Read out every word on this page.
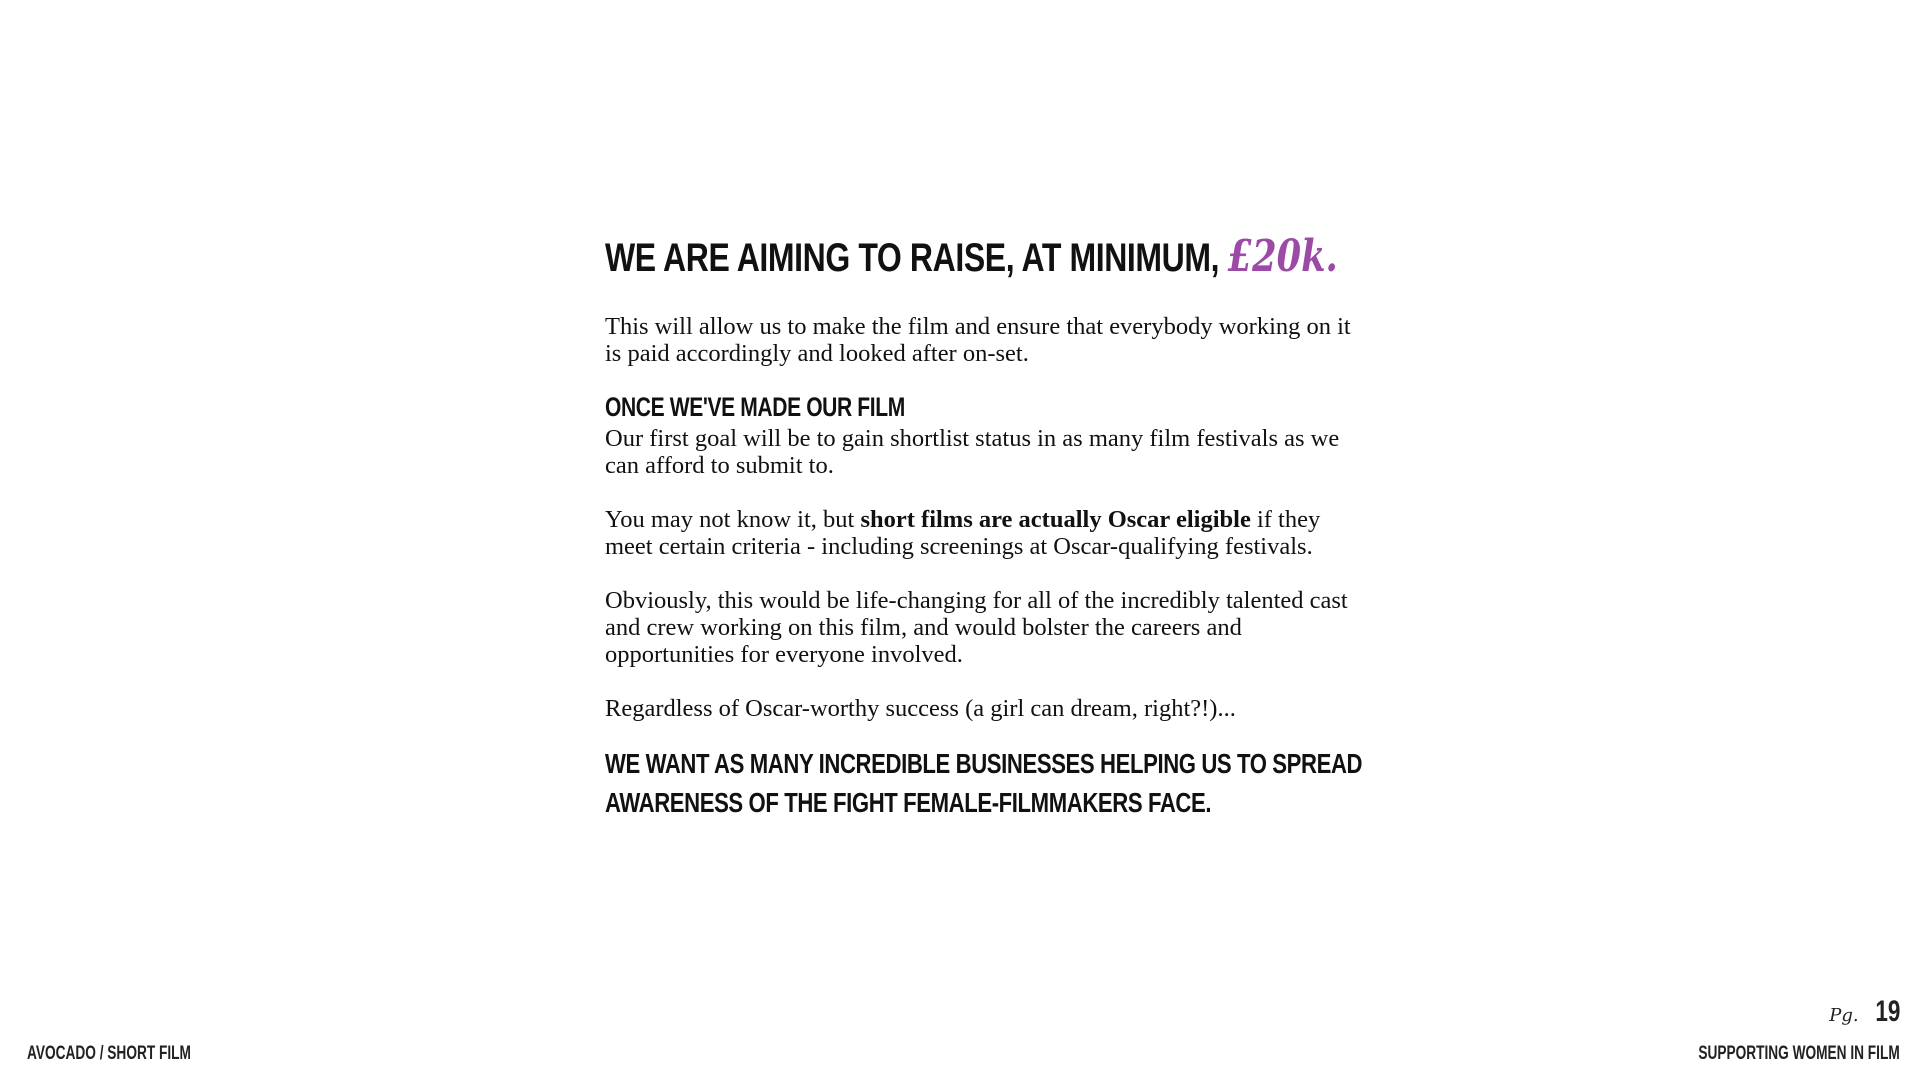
WE ARE AIMING TO RAISE, AT MINIMUM, £20k.

This will allow us to make the film and ensure that everybody working on it is paid accordingly and looked after on-set.

ONCE WE'VE MADE OUR FILM

Our first goal will be to gain shortlist status in as many film festivals as we can afford to submit to.

You may not know it, but short films are actually Oscar eligible if they meet certain criteria - including screenings at Oscar-qualifying festivals.

Obviously, this would be life-changing for all of the incredibly talented cast and crew working on this film, and would bolster the careers and opportunities for everyone involved.

Regardless of Oscar-worthy success (a girl can dream, right?!)...

WE WANT AS MANY INCREDIBLE BUSINESSES HELPING US TO SPREAD
AWARENESS OF THE FIGHT FEMALE-FILMMAKERS FACE.
Pg. 19
AVOCADO / SHORT FILM	SUPPORTING WOMEN IN FILM
